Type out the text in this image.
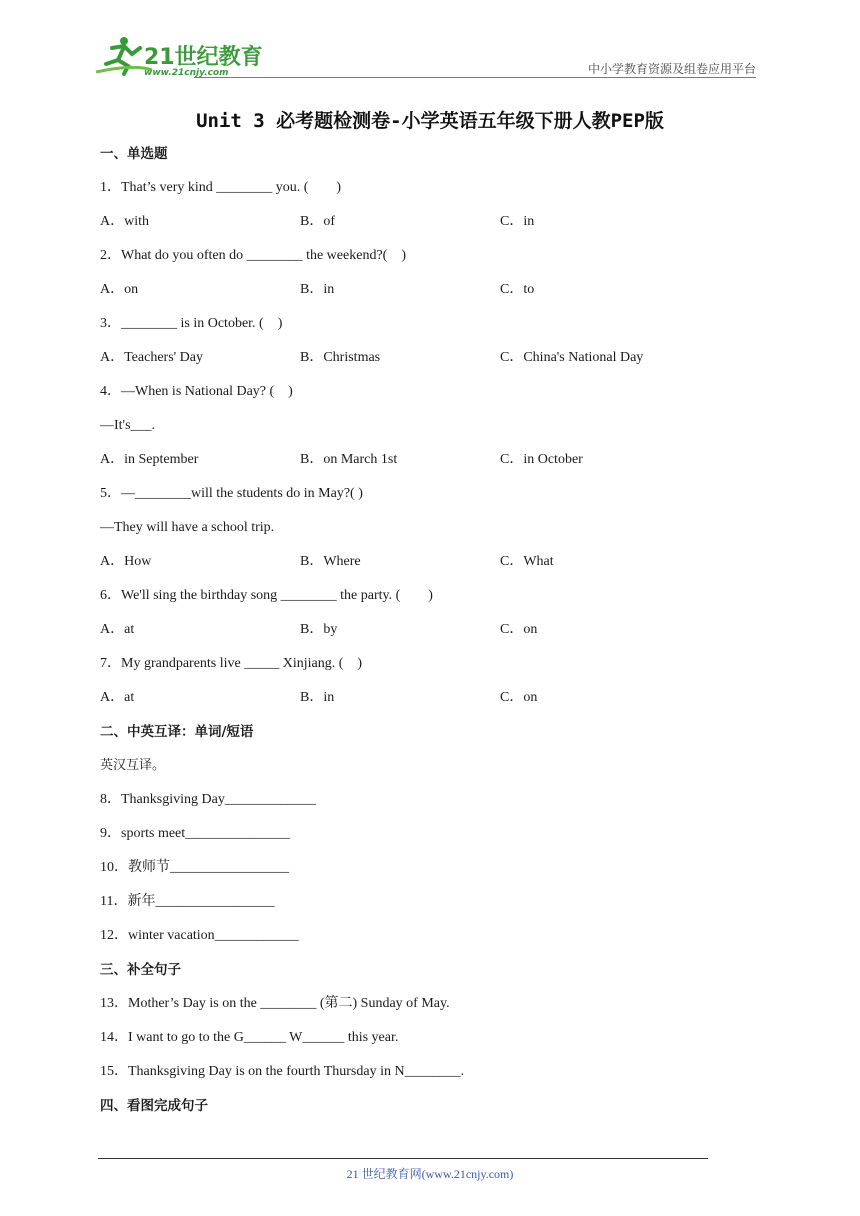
21世纪教育
www.21cnjy.com	中小学教育资源及组卷应用平台
Unit 3 必考题检测卷-小学英语五年级下册人教PEP版
一、单选题
1．That’s very kind ________ you. (　　)
A．with	B．of	C．in
2．What do you often do ________ the weekend?(　)
A．on	B．in	C．to
3．________ is in October. (　)
A．Teachers' Day	B．Christmas	C．China's National Day
4．—When is National Day? (　)
—It's___.
A．in September	B．on March 1st	C．in October
5．—________will the students do in May?( )
—They will have a school trip.
A．How	B．Where	C．What
6．We'll sing the birthday song ________ the party. (　　)
A．at	B．by	C．on
7．My grandparents live _____ Xinjiang. (　)
A．at	B．in	C．on
二、中英互译：单词/短语
英汉互译。
8．Thanksgiving Day_____________
9．sports meet_______________
10．教师节_________________
11．新年_________________
12．winter vacation____________
三、补全句子
13．Mother’s Day is on the ________ (第二) Sunday of May.
14．I want to go to the G______ W______ this year.
15．Thanksgiving Day is on the fourth Thursday in N________.
四、看图完成句子
21 世纪教育网(www.21cnjy.com)
